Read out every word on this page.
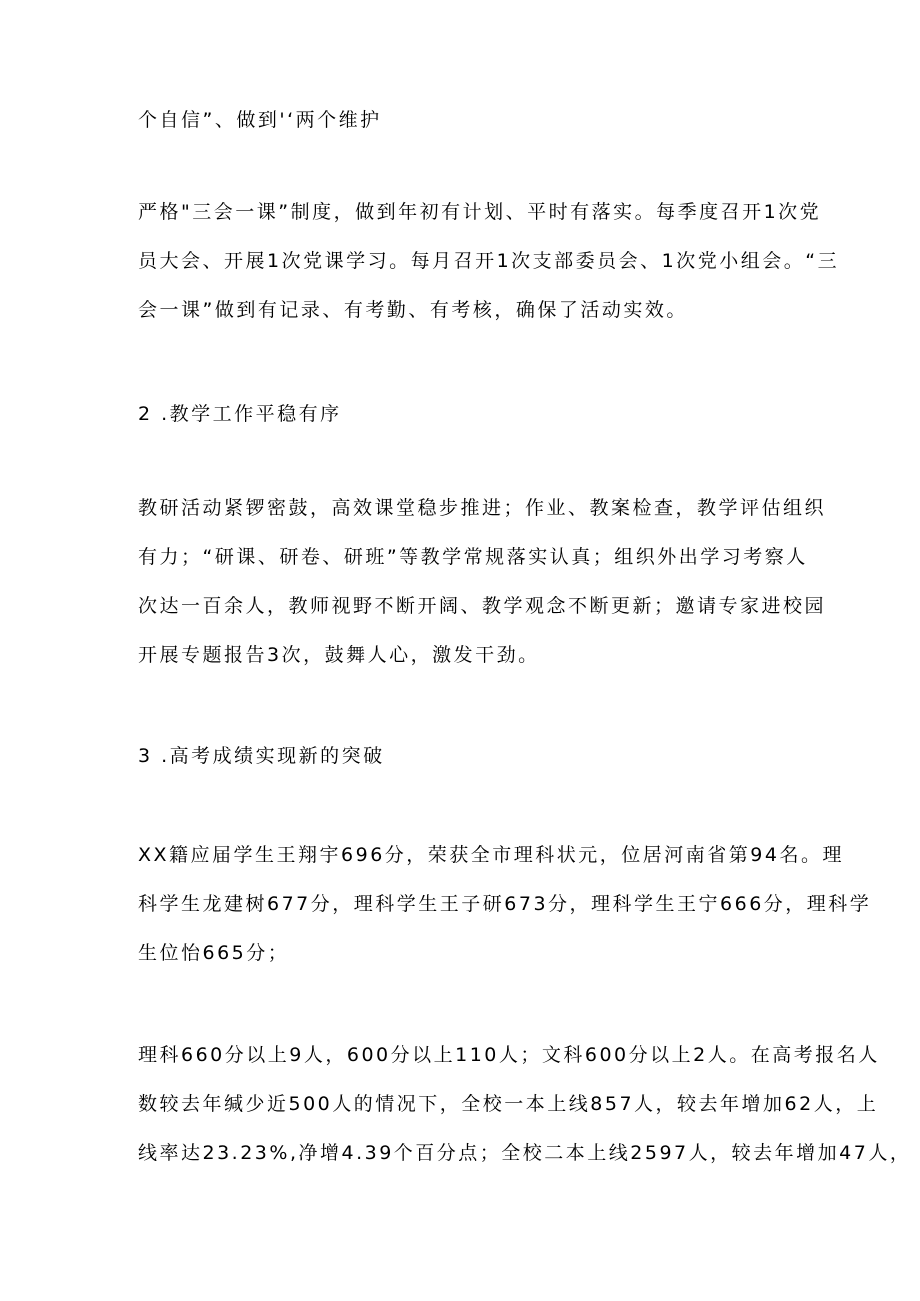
个自信”、做到'‘两个维护

严格"三会一课”制度，做到年初有计划、平时有落实。每季度召开1次党
员大会、开展1次党课学习。每月召开1次支部委员会、1次党小组会。“三
会一课”做到有记录、有考勤、有考核，确保了活动实效。

2 .教学工作平稳有序

教研活动紧锣密鼓，高效课堂稳步推进；作业、教案检查，教学评估组织
有力；“研课、研卷、研班”等教学常规落实认真；组织外出学习考察人
次达一百余人，教师视野不断开阔、教学观念不断更新；邀请专家进校园
开展专题报告3次，鼓舞人心，激发干劲。

3 .高考成绩实现新的突破

XX籍应届学生王翔宇696分，荣获全市理科状元，位居河南省第94名。理
科学生龙建树677分，理科学生王子研673分，理科学生王宁666分，理科学
生位怡665分；

理科660分以上9人，600分以上110人；文科600分以上2人。在高考报名人
数较去年缄少近500人的情况下，全校一本上线857人，较去年增加62人，上
线率达23.23%,净增4.39个百分点；全校二本上线2597人，较去年增加47人，
